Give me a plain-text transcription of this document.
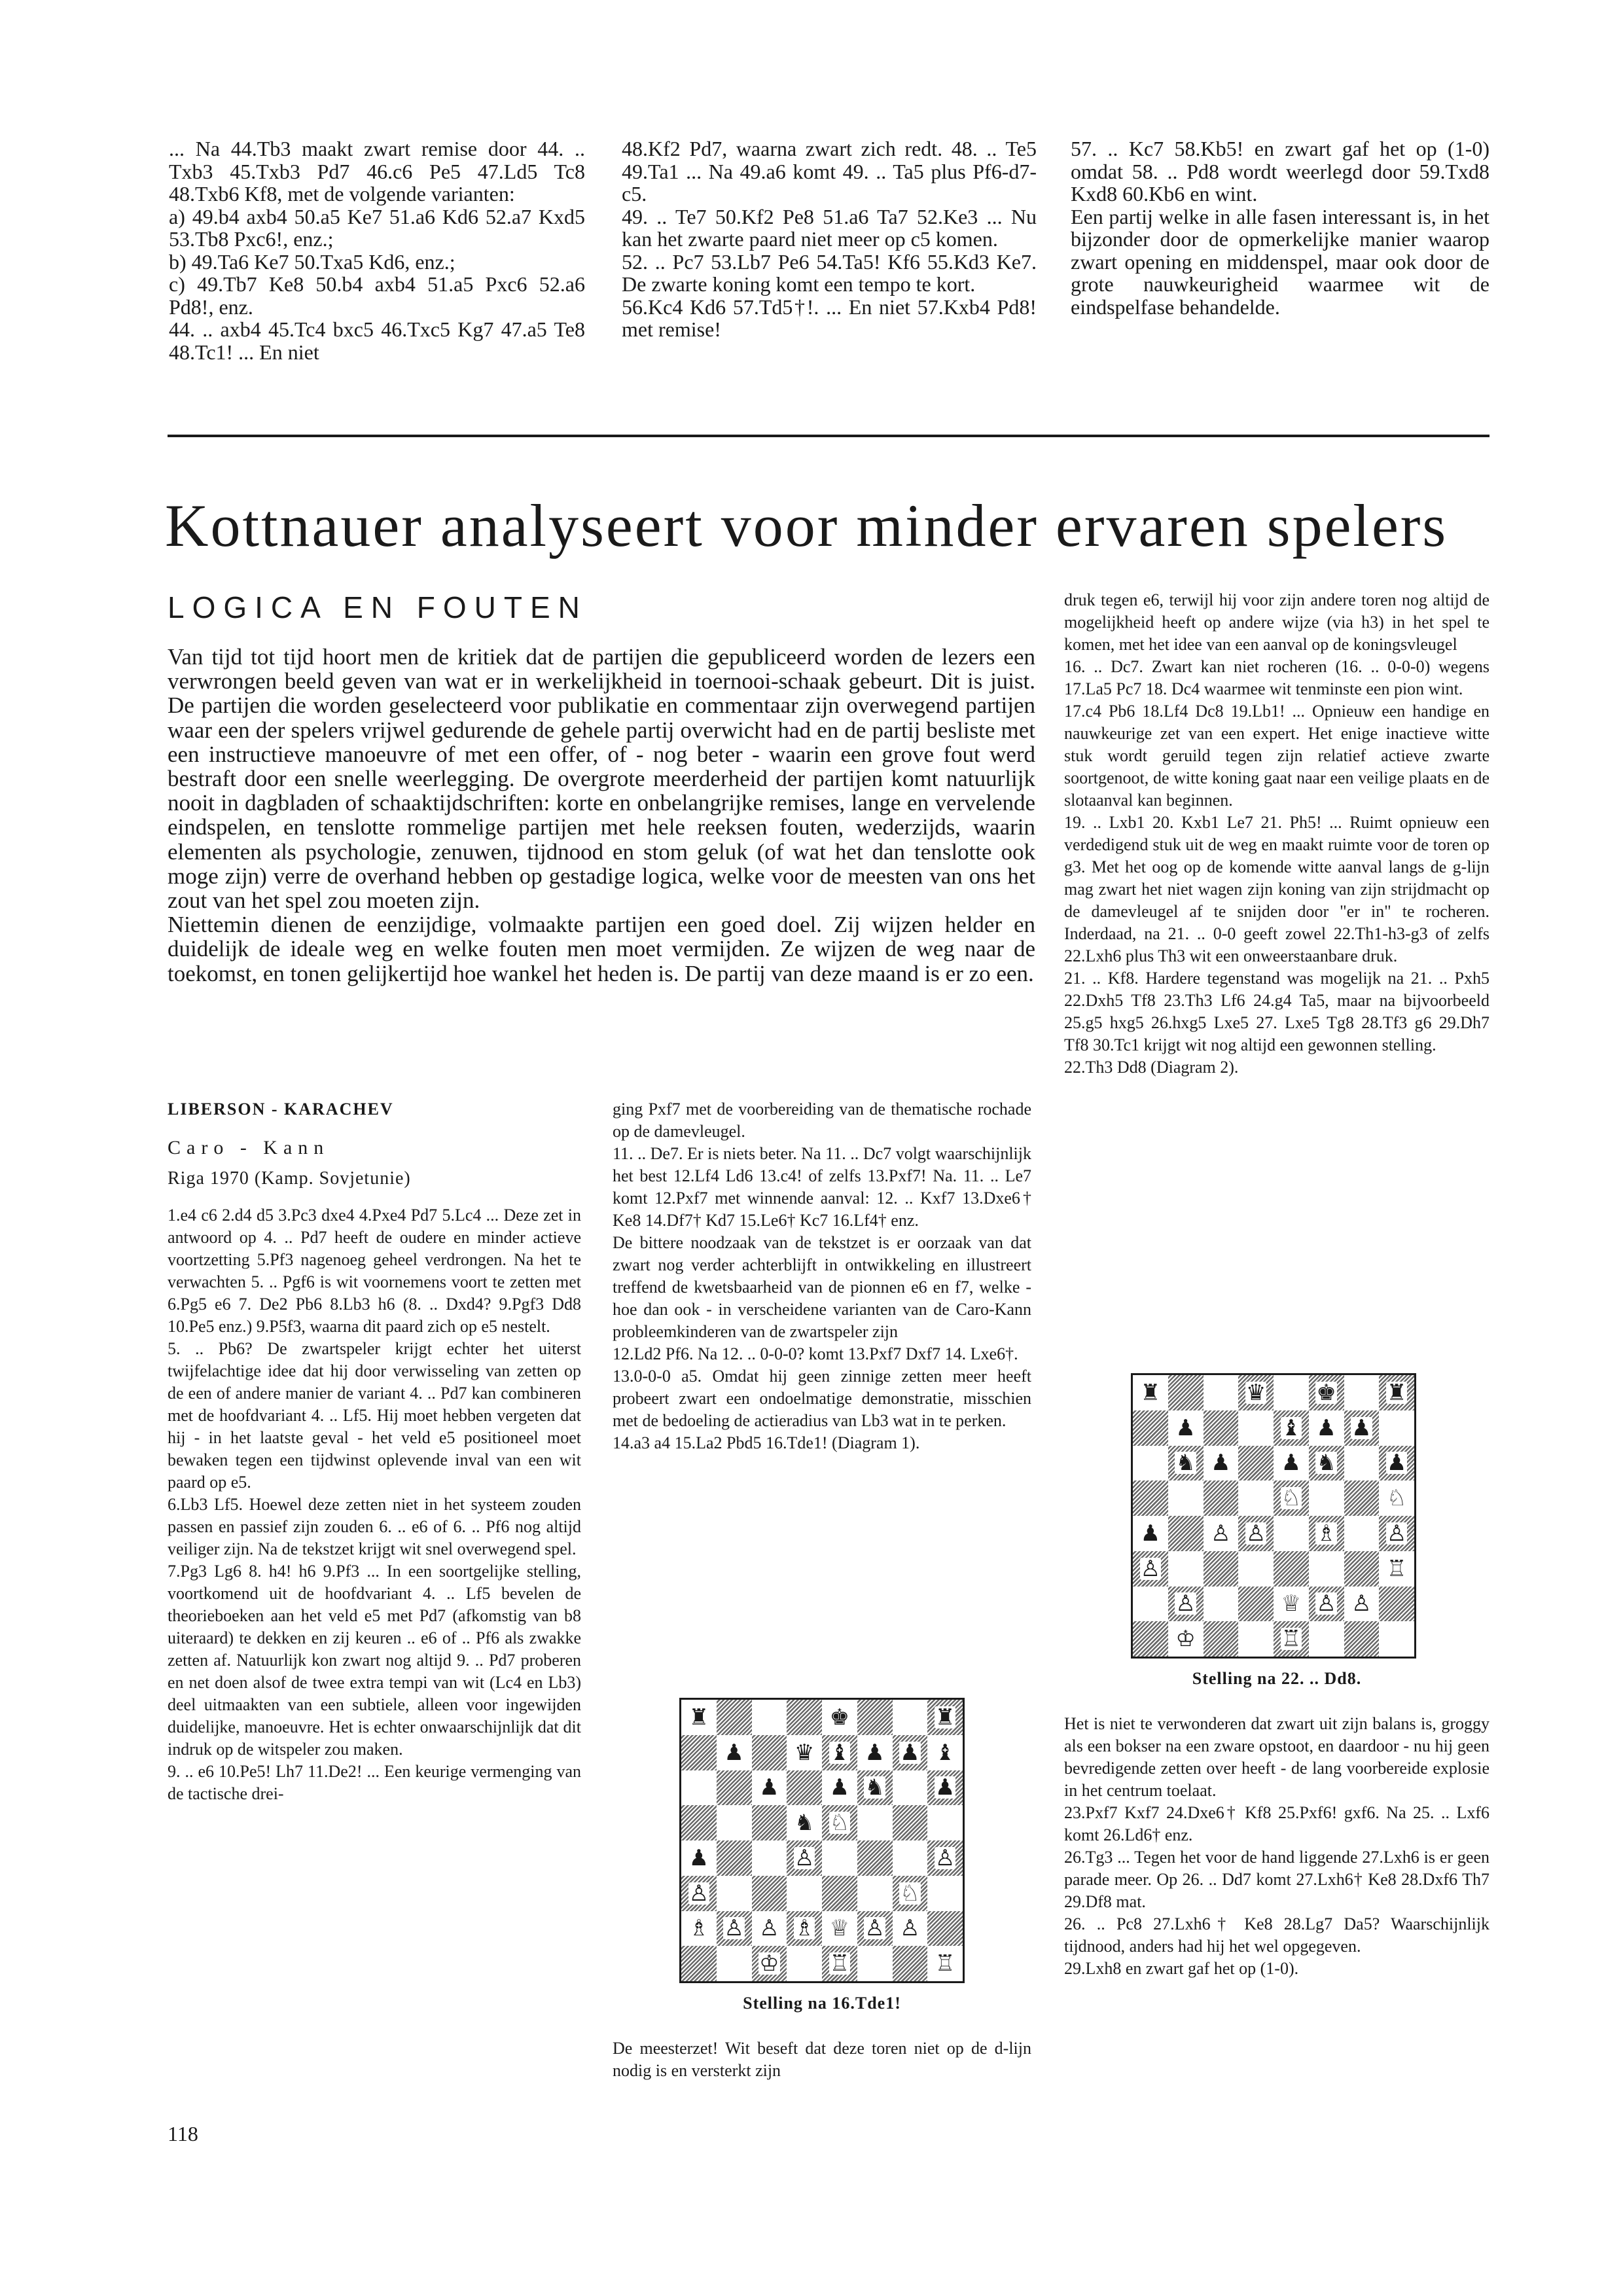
... Na 44.Tb3 maakt zwart remise door 44. .. Txb3 45.Txb3 Pd7 46.c6 Pe5 47.Ld5 Tc8 48.Txb6 Kf8, met de volgende varianten:

a) 49.b4 axb4 50.a5 Ke7 51.a6 Kd6 52.a7 Kxd5 53.Tb8 Pxc6!, enz.;

b) 49.Ta6 Ke7 50.Txa5 Kd6, enz.;

c) 49.Tb7 Ke8 50.b4 axb4 51.a5 Pxc6 52.a6 Pd8!, enz.

44. .. axb4 45.Tc4 bxc5 46.Txc5 Kg7 47.a5 Te8 48.Tc1! ... En niet

48.Kf2 Pd7, waarna zwart zich redt. 48. .. Te5 49.Ta1 ... Na 49.a6 komt 49. .. Ta5 plus Pf6-d7-c5.

49. .. Te7 50.Kf2 Pe8 51.a6 Ta7 52.Ke3 ... Nu kan het zwarte paard niet meer op c5 komen.

52. .. Pc7 53.Lb7 Pe6 54.Ta5! Kf6 55.Kd3 Ke7. De zwarte koning komt een tempo te kort.

56.Kc4 Kd6 57.Td5†!. ... En niet 57.Kxb4 Pd8! met remise!

57. .. Kc7 58.Kb5! en zwart gaf het op (1-0) omdat 58. .. Pd8 wordt weerlegd door 59.Txd8 Kxd8 60.Kb6 en wint.

Een partij welke in alle fasen interessant is, in het bijzonder door de opmerkelijke manier waarop zwart opening en middenspel, maar ook door de grote nauwkeurigheid waarmee wit de eindspelfase behandelde.

Kottnauer analyseert voor minder ervaren spelers
LOGICA EN FOUTEN

Van tijd tot tijd hoort men de kritiek dat de partijen die gepubliceerd worden de lezers een verwrongen beeld geven van wat er in werkelijkheid in toernooi-schaak gebeurt. Dit is juist. De partijen die worden geselecteerd voor publikatie en commentaar zijn overwegend partijen waar een der spelers vrijwel gedurende de gehele partij overwicht had en de partij besliste met een instructieve manoeuvre of met een offer, of - nog beter - waarin een grove fout werd bestraft door een snelle weerlegging. De overgrote meerderheid der partijen komt natuurlijk nooit in dagbladen of schaaktijdschriften: korte en onbelangrijke remises, lange en vervelende eindspelen, en tenslotte rommelige partijen met hele reeksen fouten, wederzijds, waarin elementen als psychologie, zenuwen, tijdnood en stom geluk (of wat het dan tenslotte ook moge zijn) verre de overhand hebben op gestadige logica, welke voor de meesten van ons het zout van het spel zou moeten zijn.

Niettemin dienen de eenzijdige, volmaakte partijen een goed doel. Zij wijzen helder en duidelijk de ideale weg en welke fouten men moet vermijden. Ze wijzen de weg naar de toekomst, en tonen gelijkertijd hoe wankel het heden is. De partij van deze maand is er zo een.

LIBERSON - KARACHEV
Caro - Kann
Riga 1970 (Kamp. Sovjetunie)

1.e4 c6 2.d4 d5 3.Pc3 dxe4 4.Pxe4 Pd7 5.Lc4 ... Deze zet in antwoord op 4. .. Pd7 heeft de oudere en minder actieve voortzetting 5.Pf3 nagenoeg geheel verdrongen. Na het te verwachten 5. .. Pgf6 is wit voornemens voort te zetten met 6.Pg5 e6 7. De2 Pb6 8.Lb3 h6 (8. .. Dxd4? 9.Pgf3 Dd8 10.Pe5 enz.) 9.P5f3, waarna dit paard zich op e5 nestelt.

5. .. Pb6? De zwartspeler krijgt echter het uiterst twijfelachtige idee dat hij door verwisseling van zetten op de een of andere manier de variant 4. .. Pd7 kan combineren met de hoofdvariant 4. .. Lf5. Hij moet hebben vergeten dat hij - in het laatste geval - het veld e5 positioneel moet bewaken tegen een tijdwinst oplevende inval van een wit paard op e5.

6.Lb3 Lf5. Hoewel deze zetten niet in het systeem zouden passen en passief zijn zouden 6. .. e6 of 6. .. Pf6 nog altijd veiliger zijn. Na de tekstzet krijgt wit snel overwegend spel.

7.Pg3 Lg6 8. h4! h6 9.Pf3 ... In een soortgelijke stelling, voortkomend uit de hoofdvariant 4. .. Lf5 bevelen de theorieboeken aan het veld e5 met Pd7 (afkomstig van b8 uiteraard) te dekken en zij keuren .. e6 of .. Pf6 als zwakke zetten af. Natuurlijk kon zwart nog altijd 9. .. Pd7 proberen en net doen alsof de twee extra tempi van wit (Lc4 en Lb3) deel uitmaakten van een subtiele, alleen voor ingewijden duidelijke, manoeuvre. Het is echter onwaarschijnlijk dat dit indruk op de witspeler zou maken.

9. .. e6 10.Pe5! Lh7 11.De2! ... Een keurige vermenging van de tactische drei-

ging Pxf7 met de voorbereiding van de thematische rochade op de damevleugel.

11. .. De7. Er is niets beter. Na 11. .. Dc7 volgt waarschijnlijk het best 12.Lf4 Ld6 13.c4! of zelfs 13.Pxf7! Na. 11. .. Le7 komt 12.Pxf7 met winnende aanval: 12. .. Kxf7 13.Dxe6† Ke8 14.Df7† Kd7 15.Le6† Kc7 16.Lf4† enz.

De bittere noodzaak van de tekstzet is er oorzaak van dat zwart nog verder achterblijft in ontwikkeling en illustreert treffend de kwetsbaarheid van de pionnen e6 en f7, welke - hoe dan ook - in verscheidene varianten van de Caro-Kann probleemkinderen van de zwartspeler zijn

12.Ld2 Pf6. Na 12. .. 0-0-0? komt 13.Pxf7 Dxf7 14. Lxe6†.

13.0-0-0 a5. Omdat hij geen zinnige zetten meer heeft probeert zwart een ondoelmatige demonstratie, misschien met de bedoeling de actieradius van Lb3 wat in te perken.

14.a3 a4 15.La2 Pbd5 16.Tde1! (Diagram 1).

♜	♚	♜
♟ ♛ ♝ ♟ ♟ ♝
♟ ♟ ♞ ♟
♞ ♘
♟	♙	♙
♙	♘
♗ ♙ ♙ ♗ ♕ ♙ ♙
♔ ♖	♖
Stelling na 16.Tde1!

De meesterzet! Wit beseft dat deze toren niet op de d-lijn nodig is en versterkt zijn

druk tegen e6, terwijl hij voor zijn andere toren nog altijd de mogelijkheid heeft op andere wijze (via h3) in het spel te komen, met het idee van een aanval op de koningsvleugel

16. .. Dc7. Zwart kan niet rocheren (16. .. 0-0-0) wegens 17.La5 Pc7 18. Dc4 waarmee wit tenminste een pion wint.

17.c4 Pb6 18.Lf4 Dc8 19.Lb1! ... Opnieuw een handige en nauwkeurige zet van een expert. Het enige inactieve witte stuk wordt geruild tegen zijn relatief actieve zwarte soortgenoot, de witte koning gaat naar een veilige plaats en de slotaanval kan beginnen.

19. .. Lxb1 20. Kxb1 Le7 21. Ph5! ... Ruimt opnieuw een verdedigend stuk uit de weg en maakt ruimte voor de toren op g3. Met het oog op de komende witte aanval langs de g-lijn mag zwart het niet wagen zijn koning van zijn strijdmacht op de damevleugel af te snijden door "er in" te rocheren. Inderdaad, na 21. .. 0-0 geeft zowel 22.Th1-h3-g3 of zelfs 22.Lxh6 plus Th3 wit een onweerstaanbare druk.

21. .. Kf8. Hardere tegenstand was mogelijk na 21. .. Pxh5 22.Dxh5 Tf8 23.Th3 Lf6 24.g4 Ta5, maar na bijvoorbeeld 25.g5 hxg5 26.hxg5 Lxe5 27. Lxe5 Tg8 28.Tf3 g6 29.Dh7 Tf8 30.Tc1 krijgt wit nog altijd een gewonnen stelling.

22.Th3 Dd8 (Diagram 2).

♜	♛ ♚ ♜
♟	♝ ♟ ♟
♞ ♟ ♟ ♞ ♟
♘	♘
♟ ♙ ♙ ♗ ♙
♙	♖
♙	♕ ♙ ♙
♔	♖
Stelling na 22. .. Dd8.

Het is niet te verwonderen dat zwart uit zijn balans is, groggy als een bokser na een zware opstoot, en daardoor - nu hij geen bevredigende zetten over heeft - de lang voorbereide explosie in het centrum toelaat.

23.Pxf7 Kxf7 24.Dxe6† Kf8 25.Pxf6! gxf6. Na 25. .. Lxf6 komt 26.Ld6† enz.

26.Tg3 ... Tegen het voor de hand liggende 27.Lxh6 is er geen parade meer. Op 26. .. Dd7 komt 27.Lxh6† Ke8 28.Dxf6 Th7 29.Df8 mat.

26. .. Pc8 27.Lxh6† Ke8 28.Lg7 Da5? Waarschijnlijk tijdnood, anders had hij het wel opgegeven.

29.Lxh8 en zwart gaf het op (1-0).

118
